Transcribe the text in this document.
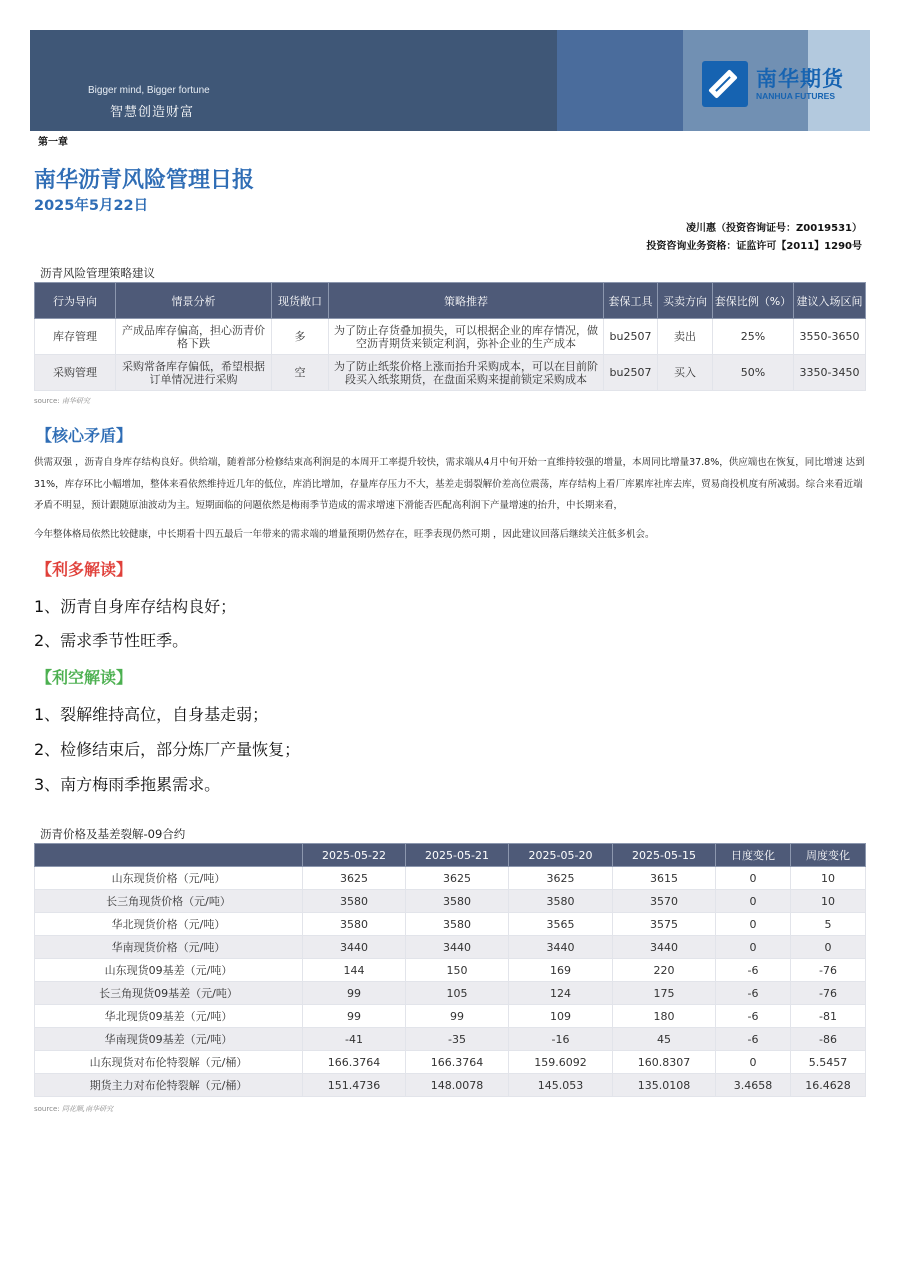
Bigger mind, Bigger fortune
智慧创造财富
南华期货
NANHUA FUTURES
第一章
南华沥青风险管理日报
2025年5月22日
凌川惠（投资咨询证号：Z0019531）
投资咨询业务资格：证监许可【2011】1290号
沥青风险管理策略建议
行为导向	情景分析	现货敞口	策略推荐	套保工具	买卖方向	套保比例（%）	建议入场区间
库存管理	产成品库存偏高，担心沥青价格下跌	多	为了防止存货叠加损失，可以根据企业的库存情况，做空沥青期货来锁定利润，弥补企业的生产成本	bu2507	卖出	25%	3550-3650
采购管理	采购常备库存偏低，希望根据订单情况进行采购	空	为了防止纸浆价格上涨而抬升采购成本，可以在目前阶段买入纸浆期货，在盘面采购来提前锁定采购成本	bu2507	买入	50%	3350-3450
source: 南华研究
【核心矛盾】
供需双强 ，沥青自身库存结构良好。供给端，随着部分检修结束高利润是的本周开工率提升较快，需求端从4月中旬开始一直维持较强的增量，本周同比增量37.8%，供应端也在恢复，同比增速 达到31%，库存环比小幅增加，整体来看依然维持近几年的低位，库消比增加，存量库存压力不大，基差走弱裂解价差高位震荡，库存结构上看厂库累库社库去库，贸易商投机度有所减弱。综合来看近端矛盾不明显，预计跟随原油波动为主。短期面临的问题依然是梅雨季节造成的需求增速下滑能否匹配高利润下产量增速的抬升，中长期来看，
今年整体格局依然比较健康，中长期看十四五最后一年带来的需求端的增量预期仍然存在，旺季表现仍然可期 ，因此建议回落后继续关注低多机会。
【利多解读】
1、沥青自身库存结构良好；
2、需求季节性旺季。
【利空解读】
1、裂解维持高位，自身基走弱；
2、检修结束后，部分炼厂产量恢复；
3、南方梅雨季拖累需求。
沥青价格及基差裂解-09合约
	2025-05-22	2025-05-21	2025-05-20	2025-05-15	日度变化	周度变化
山东现货价格（元/吨）	3625	3625	3625	3615	0	10
长三角现货价格（元/吨）	3580	3580	3580	3570	0	10
华北现货价格（元/吨）	3580	3580	3565	3575	0	5
华南现货价格（元/吨）	3440	3440	3440	3440	0	0
山东现货09基差（元/吨）	144	150	169	220	-6	-76
长三角现货09基差（元/吨）	99	105	124	175	-6	-76
华北现货09基差（元/吨）	99	99	109	180	-6	-81
华南现货09基差（元/吨）	-41	-35	-16	45	-6	-86
山东现货对布伦特裂解（元/桶）	166.3764	166.3764	159.6092	160.8307	0	5.5457
期货主力对布伦特裂解（元/桶）	151.4736	148.0078	145.053	135.0108	3.4658	16.4628
source: 同花顺,南华研究
